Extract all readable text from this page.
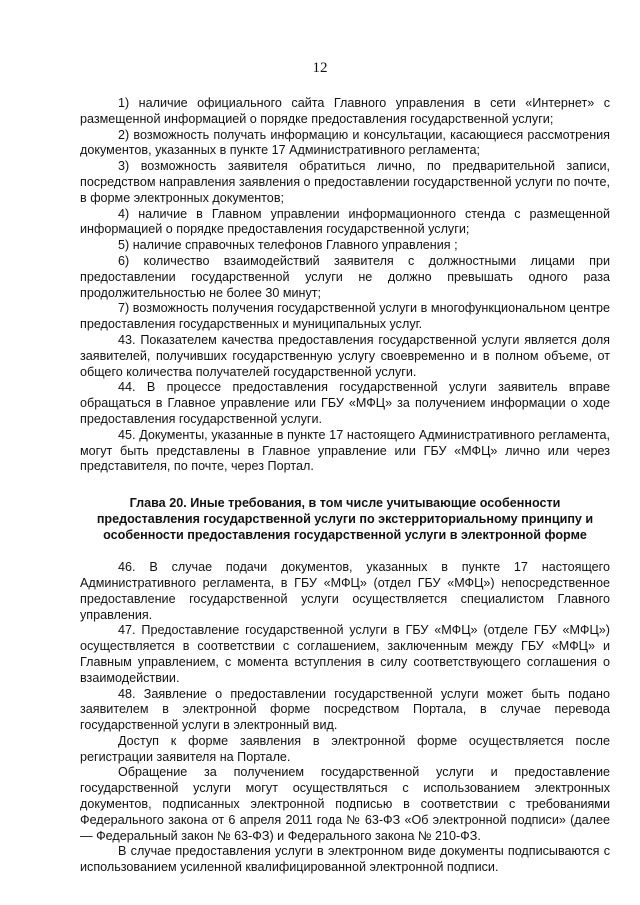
12

1) наличие официального сайта Главного управления в сети «Интернет» с размещенной информацией о порядке предоставления государственной услуги;

2) возможность получать информацию и консультации, касающиеся рассмотрения документов, указанных в пункте 17 Административного регламента;

3) возможность заявителя обратиться лично, по предварительной записи, посредством направления заявления о предоставлении государственной услуги по почте, в форме электронных документов;

4) наличие в Главном управлении информационного стенда с размещенной информацией о порядке предоставления государственной услуги;

5) наличие справочных телефонов Главного управления ;

6) количество взаимодействий заявителя с должностными лицами при предоставлении государственной услуги не должно превышать одного раза продолжительностью не более 30 минут;

7) возможность получения государственной услуги в многофункциональном центре предоставления государственных и муниципальных услуг.

43. Показателем качества предоставления государственной услуги является доля заявителей, получивших государственную услугу своевременно и в полном объеме, от общего количества получателей государственной услуги.

44. В процессе предоставления государственной услуги заявитель вправе обращаться в Главное управление или ГБУ «МФЦ» за получением информации о ходе предоставления государственной услуги.

45. Документы, указанные в пункте 17 настоящего Административного регламента, могут быть представлены в Главное управление или ГБУ «МФЦ» лично или через представителя, по почте, через Портал.

Глава 20. Иные требования, в том числе учитывающие особенности
предоставления государственной услуги по экстерриториальному принципу и
особенности предоставления государственной услуги в электронной форме

46. В случае подачи документов, указанных в пункте 17 настоящего Административного регламента, в ГБУ «МФЦ» (отдел ГБУ «МФЦ») непосредственное предоставление государственной услуги осуществляется специалистом Главного управления.

47. Предоставление государственной услуги в ГБУ «МФЦ» (отделе ГБУ «МФЦ») осуществляется в соответствии с соглашением, заключенным между ГБУ «МФЦ» и Главным управлением, с момента вступления в силу соответствующего соглашения о взаимодействии.

48. Заявление о предоставлении государственной услуги может быть подано заявителем в электронной форме посредством Портала, в случае перевода государственной услуги в электронный вид.

Доступ к форме заявления в электронной форме осуществляется после регистрации заявителя на Портале.

Обращение за получением государственной услуги и предоставление государственной услуги могут осуществляться с использованием электронных документов, подписанных электронной подписью в соответствии с требованиями Федерального закона от 6 апреля 2011 года № 63-ФЗ «Об электронной подписи» (далее — Федеральный закон № 63-ФЗ) и Федерального закона № 210-ФЗ.

В случае предоставления услуги в электронном виде документы подписываются с использованием усиленной квалифицированной электронной подписи.
